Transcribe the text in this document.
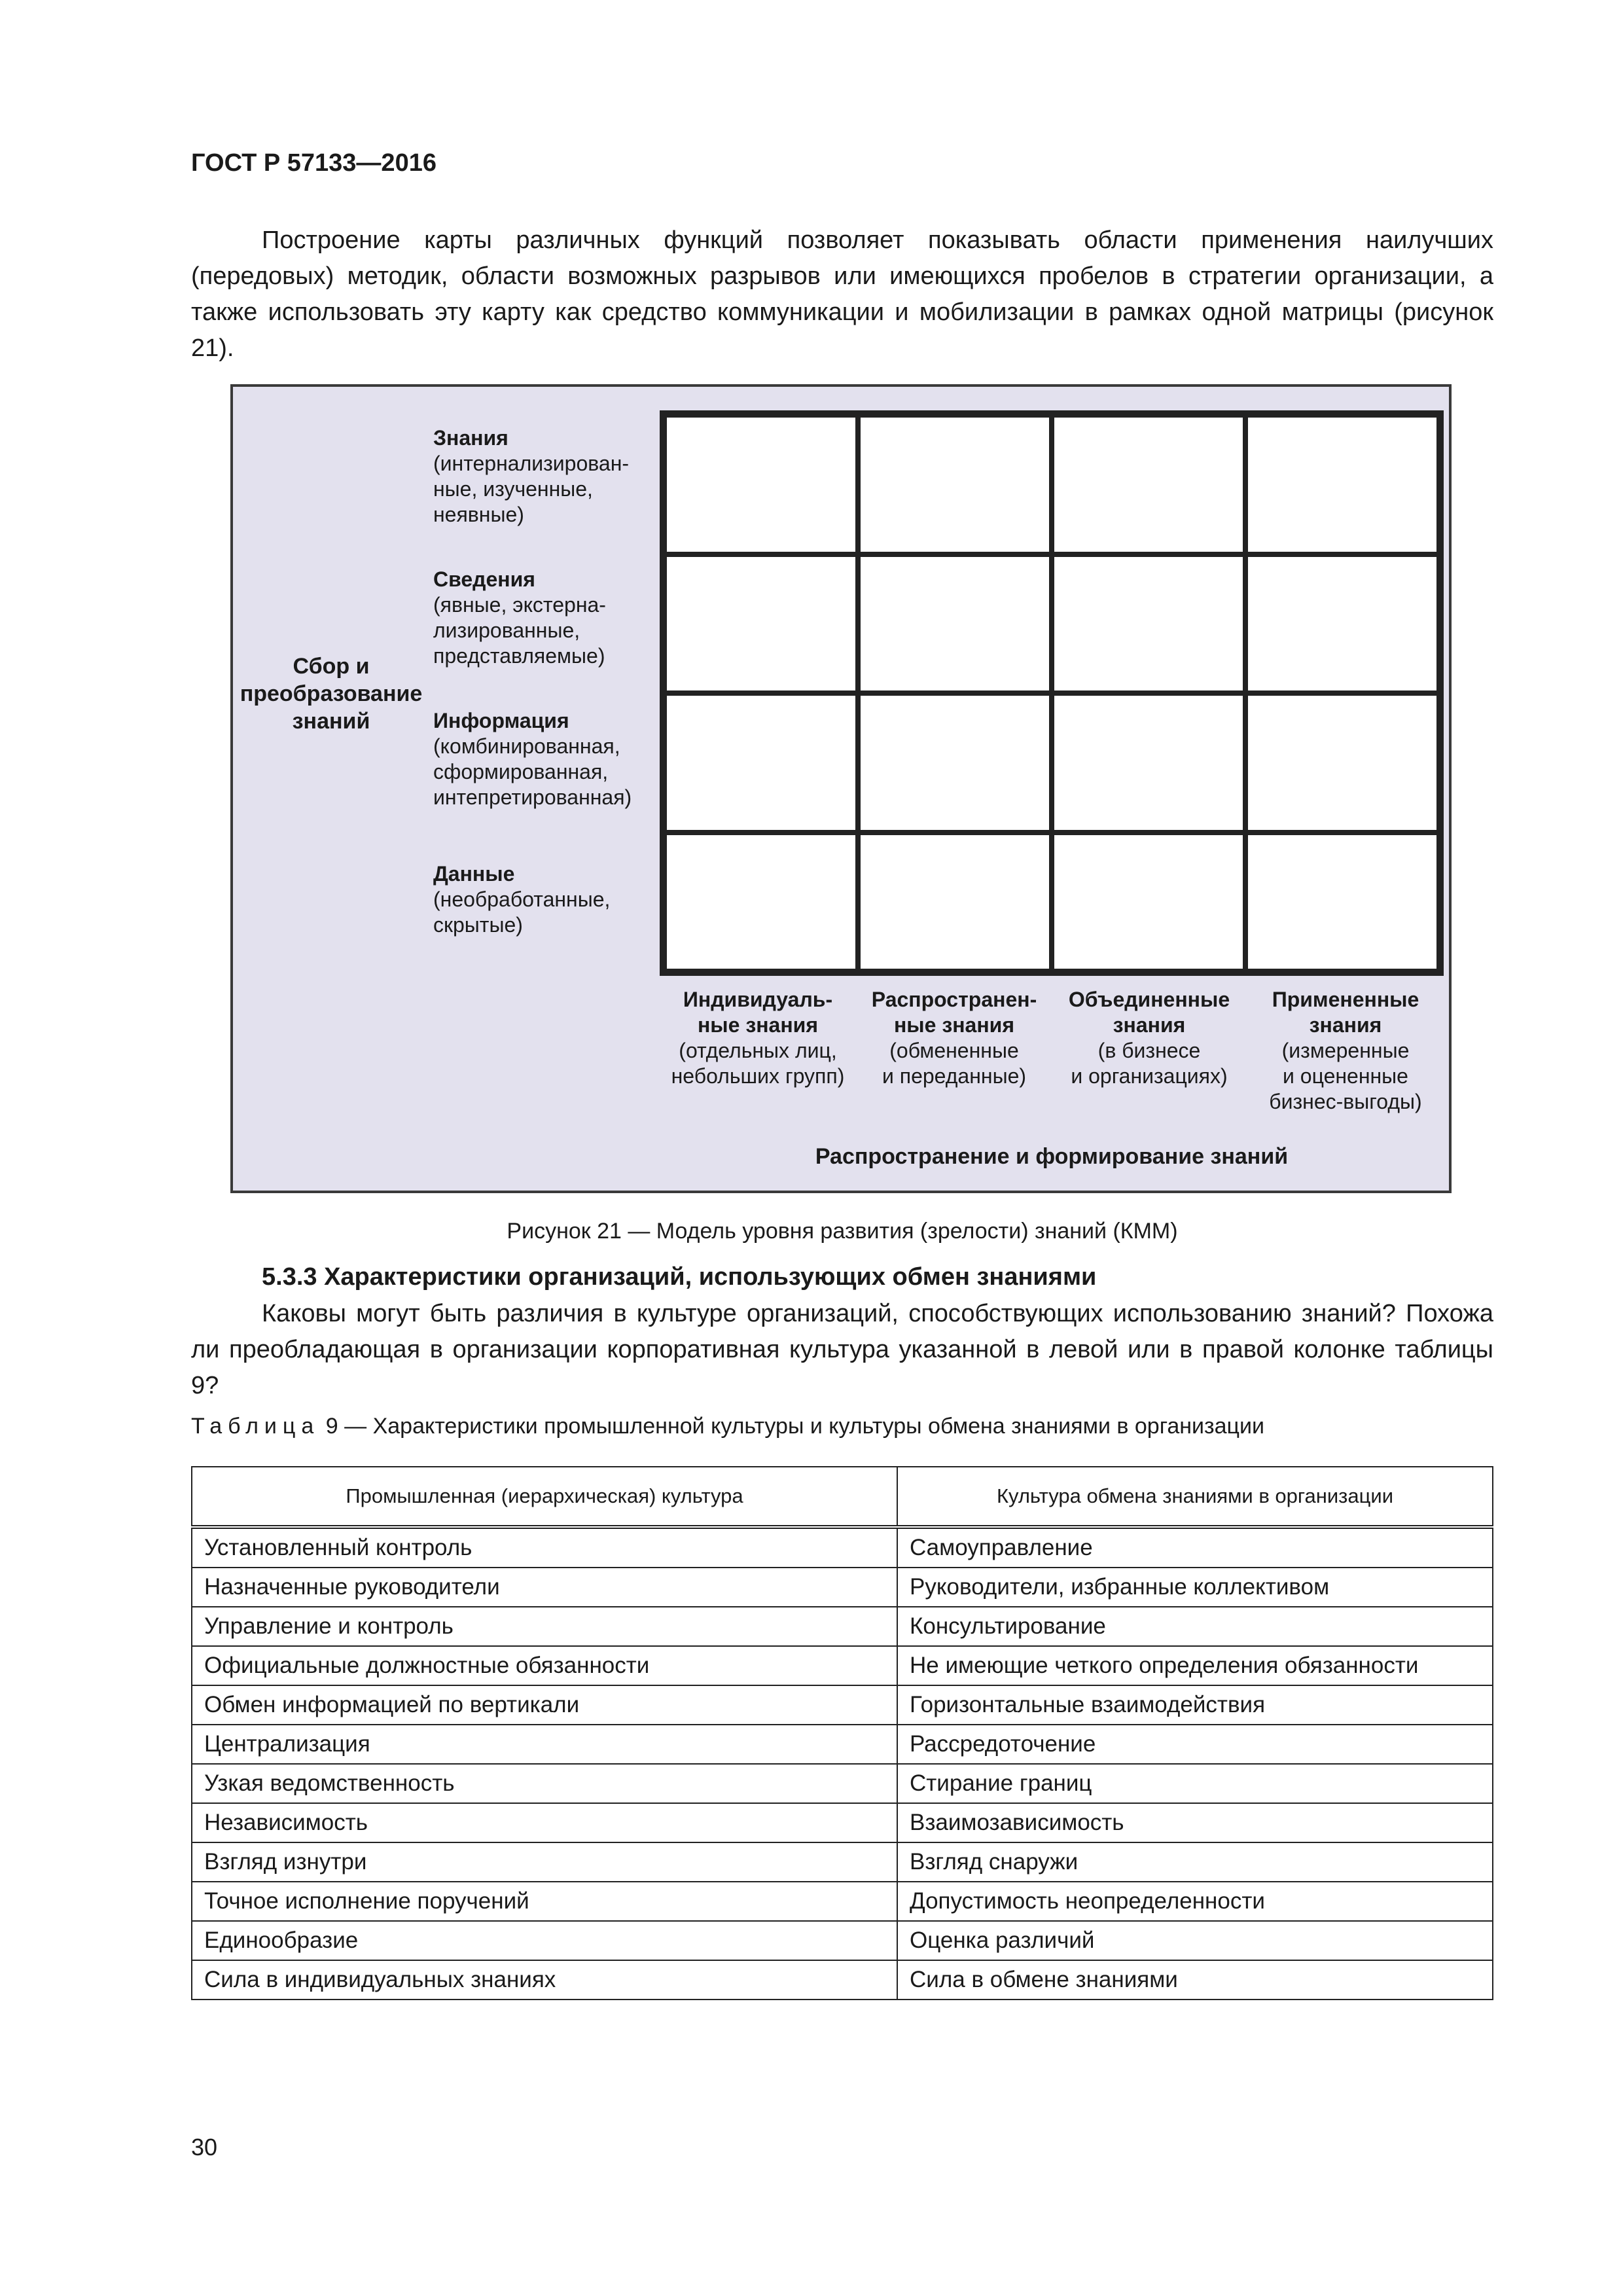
ГОСТ Р 57133—2016

Построение карты различных функций позволяет показывать области применения наилучших (передовых) методик, области возможных разрывов или имеющихся пробелов в стратегии организации, а также использовать эту карту как средство коммуникации и мобилизации в рамках одной матрицы (рисунок 21).

Сбор и преобразование знаний
Знания
(интернализирован-
ные, изученные,
неявные)
Сведения
(явные, экстерна-
лизированные,
представляемые)
Информация
(комбинированная,
сформированная,
интепретированная)
Данные
(необработанные,
скрытые)
Индивидуаль-
ные знания
(отдельных лиц,
небольших групп)
Распространен-
ные знания
(обмененные
и переданные)
Объединенные
знания
(в бизнесе
и организациях)
Примененные
знания
(измеренные
и оцененные
бизнес-выгоды)
Распространение и формирование знаний
Рисунок 21 — Модель уровня развития (зрелости) знаний (КММ)
5.3.3 Характеристики организаций, использующих обмен знаниями

Каковы могут быть различия в культуре организаций, способствующих использованию знаний? Похожа ли преобладающая в организации корпоративная культура указанной в левой или в правой колонке таблицы 9?

Таблица 9 — Характеристики промышленной культуры и культуры обмена знаниями в организации
Промышленная (иерархическая) культура	Культура обмена знаниями в организации
Установленный контроль	Самоуправление
Назначенные руководители	Руководители, избранные коллективом
Управление и контроль	Консультирование
Официальные должностные обязанности	Не имеющие четкого определения обязанности
Обмен информацией по вертикали	Горизонтальные взаимодействия
Централизация	Рассредоточение
Узкая ведомственность	Стирание границ
Независимость	Взаимозависимость
Взгляд изнутри	Взгляд снаружи
Точное исполнение поручений	Допустимость неопределенности
Единообразие	Оценка различий
Сила в индивидуальных знаниях	Сила в обмене знаниями
30
